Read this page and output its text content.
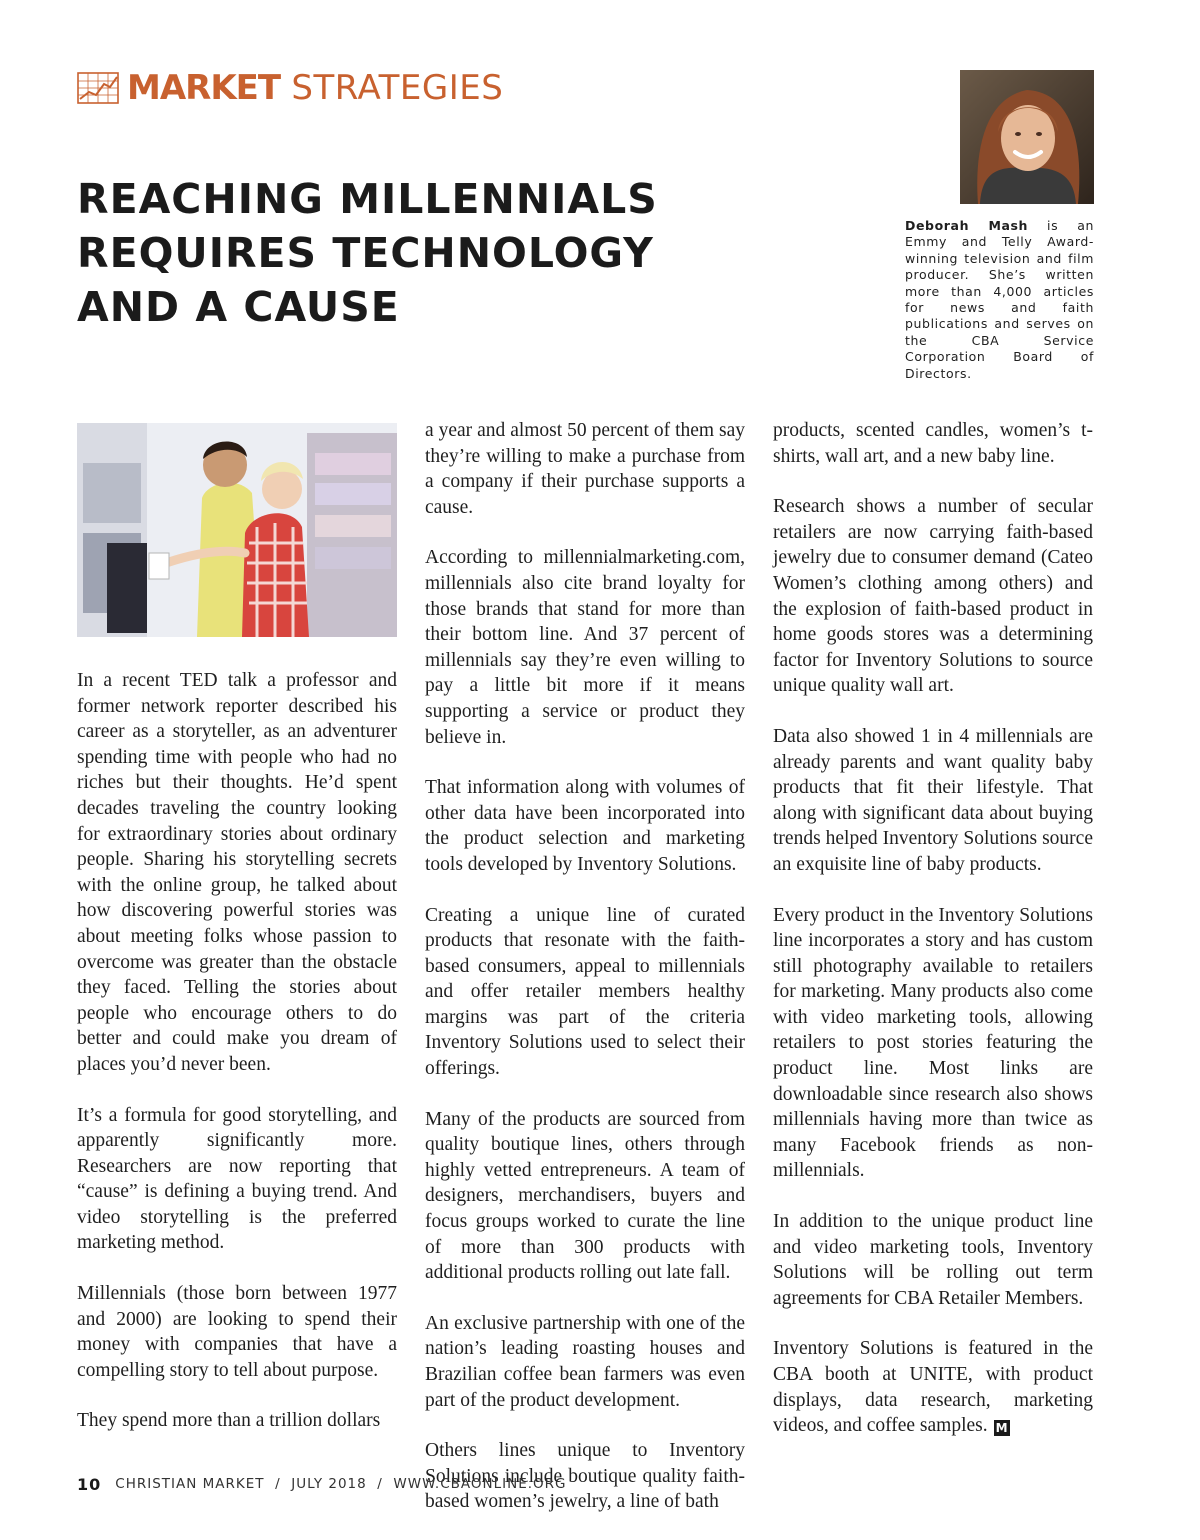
MARKET STRATEGIES
REACHING MILLENNIALS
REQUIRES TECHNOLOGY
AND A CAUSE

Deborah Mash is an Emmy and Telly Award-winning television and film producer. She’s written more than 4,000 articles for news and faith publications and serves on the CBA Service Corporation Board of Directors.

In a recent TED talk a professor and former network reporter described his career as a storyteller, as an adventurer spending time with people who had no riches but their thoughts. He’d spent decades traveling the country looking for extraordinary stories about ordinary people. Sharing his storytelling secrets with the online group, he talked about how discovering powerful stories was about meeting folks whose passion to overcome was greater than the obstacle they faced. Telling the stories about people who encourage others to do better and could make you dream of places you’d never been.

It’s a formula for good storytelling, and apparently significantly more. Researchers are now reporting that “cause” is defining a buying trend. And video storytelling is the preferred marketing method.

Millennials (those born between 1977 and 2000) are looking to spend their money with companies that have a compelling story to tell about purpose.

They spend more than a trillion dollars

a year and almost 50 percent of them say they’re willing to make a purchase from a company if their purchase supports a cause.

According to millennialmarketing.com, millennials also cite brand loyalty for those brands that stand for more than their bottom line. And 37 percent of millennials say they’re even willing to pay a little bit more if it means supporting a service or product they believe in.

That information along with volumes of other data have been incorporated into the product selection and marketing tools developed by Inventory Solutions.

Creating a unique line of curated products that resonate with the faith-based consumers, appeal to millennials and offer retailer members healthy margins was part of the criteria Inventory Solutions used to select their offerings.

Many of the products are sourced from quality boutique lines, others through highly vetted entrepreneurs. A team of designers, merchandisers, buyers and focus groups worked to curate the line of more than 300 products with additional products rolling out late fall.

An exclusive partnership with one of the nation’s leading roasting houses and Brazilian coffee bean farmers was even part of the product development.

Others lines unique to Inventory Solutions include boutique quality faith-based women’s jewelry, a line of bath

products, scented candles, women’s t-shirts, wall art, and a new baby line.

Research shows a number of secular retailers are now carrying faith-based jewelry due to consumer demand (Cateo Women’s clothing among others) and the explosion of faith-based product in home goods stores was a determining factor for Inventory Solutions to source unique quality wall art.

Data also showed 1 in 4 millennials are already parents and want quality baby products that fit their lifestyle. That along with significant data about buying trends helped Inventory Solutions source an exquisite line of baby products.

Every product in the Inventory Solutions line incorporates a story and has custom still photography available to retailers for marketing. Many products also come with video marketing tools, allowing retailers to post stories featuring the product line. Most links are downloadable since research also shows millennials having more than twice as many Facebook friends as non-millennials.

In addition to the unique product line and video marketing tools, Inventory Solutions will be rolling out term agreements for CBA Retailer Members.

Inventory Solutions is featured in the CBA booth at UNITE, with product displays, data research, marketing videos, and coffee samples. M

10 CHRISTIAN MARKET  /  JULY 2018  /  WWW.CBAONLINE.ORG
